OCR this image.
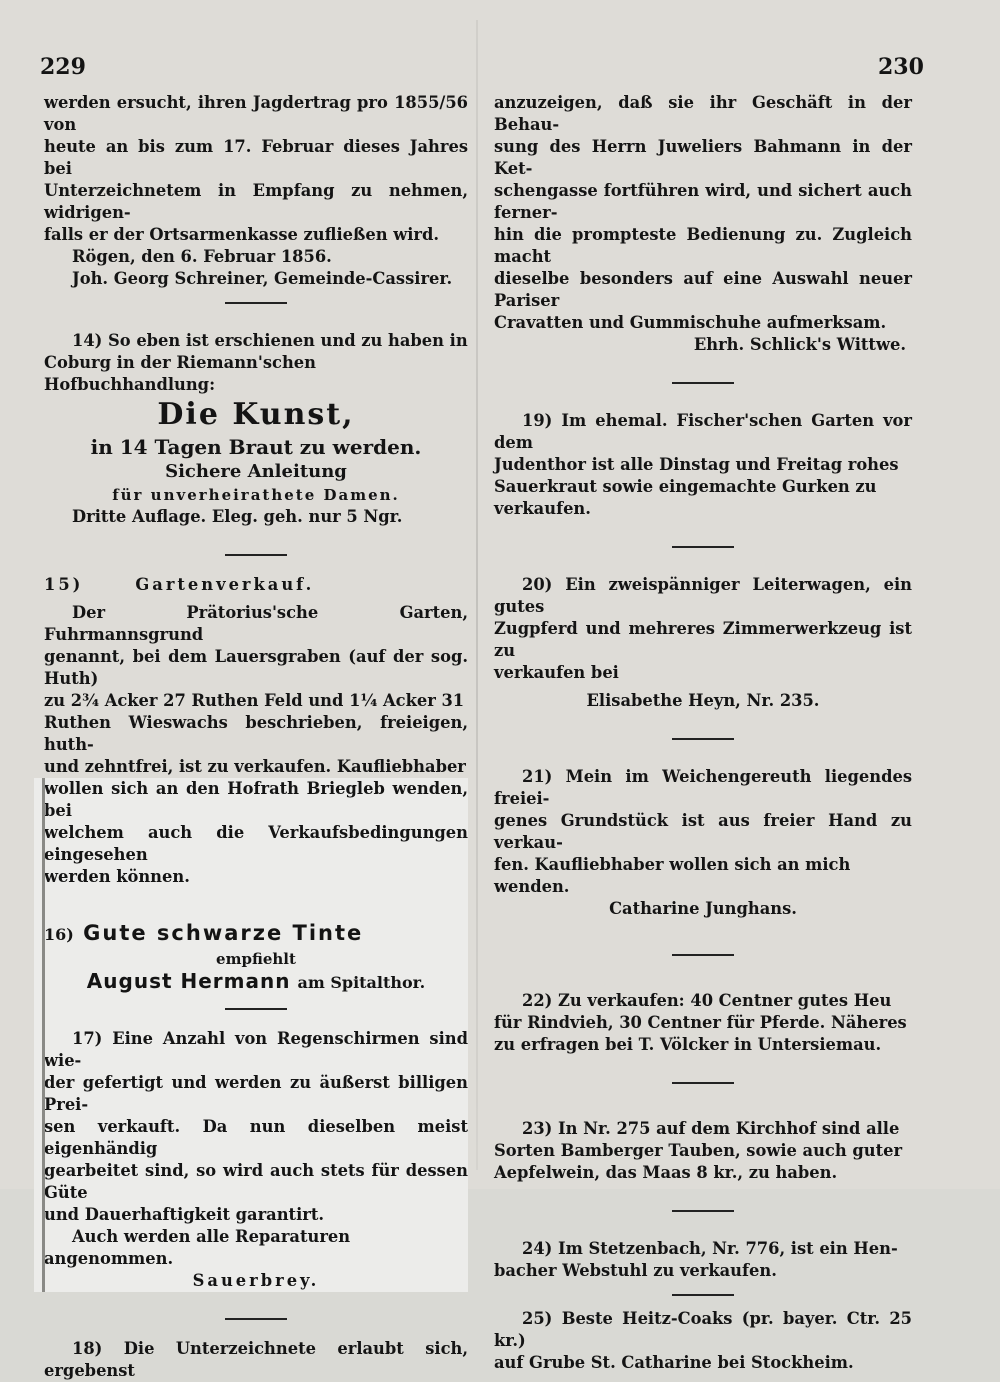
229	230

werden ersucht, ihren Jagdertrag pro 1855/56 von

heute an bis zum 17. Februar dieses Jahres bei

Unterzeichnetem in Empfang zu nehmen, widrigen-

falls er der Ortsarmenkasse zufließen wird.

Rögen, den 6. Februar 1856.

Joh. Georg Schreiner, Gemeinde-Cassirer.

14) So eben ist erschienen und zu haben in

Coburg in der Riemann'schen Hofbuchhandlung:

Die Kunst,

in 14 Tagen Braut zu werden.

Sichere Anleitung

für unverheirathete Damen.

Dritte Auflage. Eleg. geh. nur 5 Ngr.

15)      Gartenverkauf.

Der Prätorius'sche Garten, Fuhrmannsgrund

genannt, bei dem Lauersgraben (auf der sog. Huth)

zu 2¾ Acker 27 Ruthen Feld und 1¼ Acker 31

Ruthen Wieswachs beschrieben, freieigen, huth-

und zehntfrei, ist zu verkaufen. Kaufliebhaber

wollen sich an den Hofrath Briegleb wenden, bei

welchem auch die Verkaufsbedingungen eingesehen

werden können.

16) Gute schwarze Tinte

empfiehlt

August Hermann am Spitalthor.

17) Eine Anzahl von Regenschirmen sind wie-

der gefertigt und werden zu äußerst billigen Prei-

sen verkauft. Da nun dieselben meist eigenhändig

gearbeitet sind, so wird auch stets für dessen Güte

und Dauerhaftigkeit garantirt.

Auch werden alle Reparaturen angenommen.

Sauerbrey.

18) Die Unterzeichnete erlaubt sich, ergebenst

anzuzeigen, daß sie ihr Geschäft in der Behau-

sung des Herrn Juweliers Bahmann in der Ket-

schengasse fortführen wird, und sichert auch ferner-

hin die prompteste Bedienung zu. Zugleich macht

dieselbe besonders auf eine Auswahl neuer Pariser

Cravatten und Gummischuhe aufmerksam.

Ehrh. Schlick's Wittwe.

19) Im ehemal. Fischer'schen Garten vor dem

Judenthor ist alle Dinstag und Freitag rohes

Sauerkraut sowie eingemachte Gurken zu verkaufen.

20) Ein zweispänniger Leiterwagen, ein gutes

Zugpferd und mehreres Zimmerwerkzeug ist zu

verkaufen bei

Elisabethe Heyn, Nr. 235.

21) Mein im Weichengereuth liegendes freiei-

genes Grundstück ist aus freier Hand zu verkau-

fen. Kaufliebhaber wollen sich an mich wenden.

Catharine Junghans.

22) Zu verkaufen: 40 Centner gutes Heu

für Rindvieh, 30 Centner für Pferde. Näheres

zu erfragen bei T. Völcker in Untersiemau.

23) In Nr. 275 auf dem Kirchhof sind alle

Sorten Bamberger Tauben, sowie auch guter

Aepfelwein, das Maas 8 kr., zu haben.

24) Im Stetzenbach, Nr. 776, ist ein Hen-

bacher Webstuhl zu verkaufen.

25) Beste Heitz-Coaks (pr. bayer. Ctr. 25 kr.)

auf Grube St. Catharine bei Stockheim.
